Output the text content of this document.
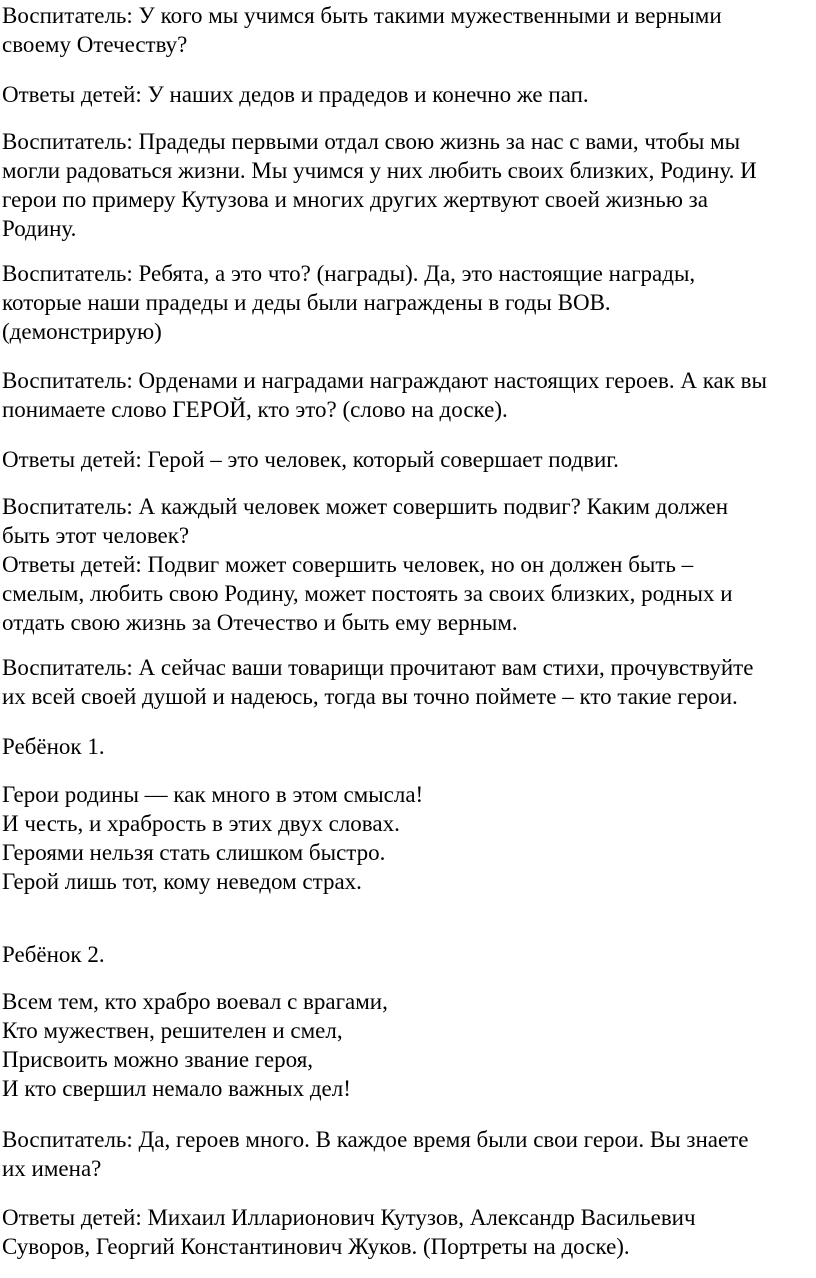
Воспитатель: У кого мы учимся быть такими мужественными и верными
своему Отечеству?

Ответы детей: У наших дедов и прадедов и конечно же пап.

Воспитатель: Прадеды первыми отдал свою жизнь за нас с вами, чтобы мы
могли радоваться жизни. Мы учимся у них любить своих близких, Родину. И
герои по примеру Кутузова и многих других жертвуют своей жизнью за
Родину.

Воспитатель: Ребята, а это что? (награды). Да, это настоящие награды,
которые наши прадеды и деды были награждены в годы ВОВ.
(демонстрирую)

Воспитатель: Орденами и наградами награждают настоящих героев. А как вы
понимаете слово ГЕРОЙ, кто это? (слово на доске).

Ответы детей: Герой – это человек, который совершает подвиг.

Воспитатель: А каждый человек может совершить подвиг? Каким должен
быть этот человек?
Ответы детей: Подвиг может совершить человек, но он должен быть –
смелым, любить свою Родину, может постоять за своих близких, родных и
отдать свою жизнь за Отечество и быть ему верным.

Воспитатель: А сейчас ваши товарищи прочитают вам стихи, прочувствуйте
их всей своей душой и надеюсь, тогда вы точно поймете – кто такие герои.

Ребёнок 1.

Герои родины — как много в этом смысла!
И честь, и храбрость в этих двух словах.
Героями нельзя стать слишком быстро.
Герой лишь тот, кому неведом страх.

Ребёнок 2.

Всем тем, кто храбро воевал с врагами,
Кто мужествен, решителен и смел,
Присвоить можно звание героя,
И кто свершил немало важных дел!

Воспитатель: Да, героев много. В каждое время были свои герои. Вы знаете
их имена?

Ответы детей: Михаил Илларионович Кутузов, Александр Васильевич
Суворов, Георгий Константинович Жуков. (Портреты на доске).
